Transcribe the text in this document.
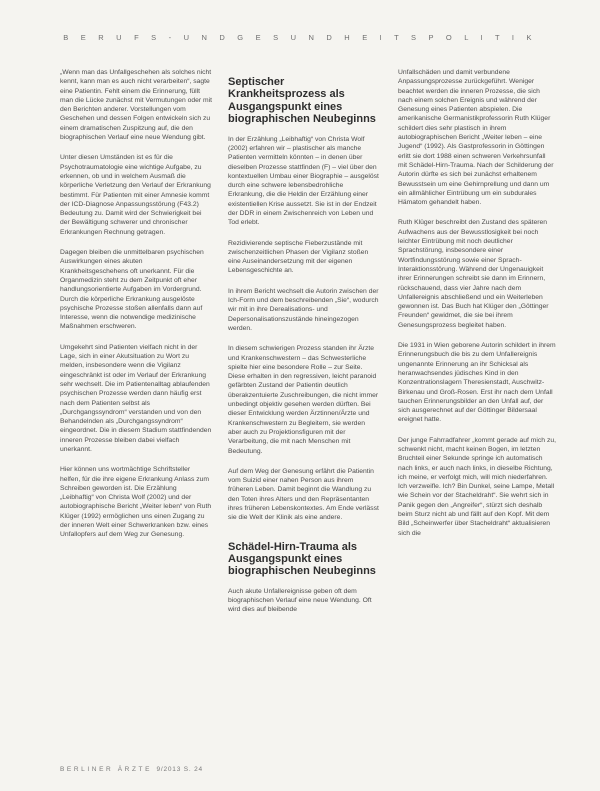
B E R U F S - U N D G E S U N D H E I T S P O L I T I K

„Wenn man das Unfallgeschehen als solches nicht kennt, kann man es auch nicht verarbeiten“, sagte eine Patientin. Fehlt einem die Erinnerung, füllt man die Lücke zunächst mit Vermutungen oder mit den Berichten anderer. Vorstellungen vom Geschehen und dessen Folgen entwickeln sich zu einem dramatischen Zuspitzung auf, die den biographischen Verlauf eine neue Wendung gibt.

Unter diesen Umständen ist es für die Psychotraumatologie eine wichtige Aufgabe, zu erkennen, ob und in welchem Ausmaß die körperliche Verletzung den Verlauf der Erkrankung bestimmt. Für Patienten mit einer Amnesie kommt der ICD-Diagnose Anpassungsstörung (F43.2) Bedeutung zu. Damit wird der Schwierigkeit bei der Bewältigung schwerer und chronischer Erkrankungen Rechnung getragen.

Dagegen bleiben die unmittelbaren psychischen Auswirkungen eines akuten Krankheitsgeschehens oft unerkannt. Für die Organmedizin steht zu dem Zeitpunkt oft eher handlungsorientierte Aufgaben im Vordergrund. Durch die körperliche Erkrankung ausgelöste psychische Prozesse stoßen allenfalls dann auf Interesse, wenn die notwendige medizinische Maßnahmen erschweren.

Umgekehrt sind Patienten vielfach nicht in der Lage, sich in einer Akutsituation zu Wort zu melden, insbesondere wenn die Vigilanz eingeschränkt ist oder im Verlauf der Erkrankung sehr wechselt. Die im Patientenalltag ablaufenden psychischen Prozesse werden dann häufig erst nach dem Patienten selbst als „Durchgangssyndrom“ verstanden und von den Behandelnden als „Durchgangssyndrom“ eingeordnet. Die in diesem Stadium stattfindenden inneren Prozesse bleiben dabei vielfach unerkannt.

Hier können uns wortmächtige Schriftsteller helfen, für die ihre eigene Erkrankung Anlass zum Schreiben geworden ist. Die Erzählung „Leibhaftig“ von Christa Wolf (2002) und der autobiographische Bericht „Weiter leben“ von Ruth Klüger (1992) ermöglichen uns einen Zugang zu der inneren Welt einer Schwerkranken bzw. eines Unfallopfers auf dem Weg zur Genesung.

Septischer Krankheitsprozess als Ausgangspunkt eines biographischen Neubeginns

In der Erzählung „Leibhaftig“ von Christa Wolf (2002) erfahren wir – plastischer als manche Patienten vermitteln könnten – in denen über dieselben Prozesse stattfinden (F) – viel über den kontextuellen Umbau einer Biographie – ausgelöst durch eine schwere lebensbedrohliche Erkrankung, die die Heldin der Erzählung einer existentiellen Krise aussetzt. Sie ist in der Endzeit der DDR in einem Zwischenreich von Leben und Tod erlebt.

Rezidivierende septische Fieberzustände mit zwischenzeitlichen Phasen der Vigilanz stoßen eine Auseinandersetzung mit der eigenen Lebensgeschichte an.

In ihrem Bericht wechselt die Autorin zwischen der Ich-Form und dem beschreibenden „Sie“, wodurch wir mit in ihre Derealisations- und Depersonalisationszustände hineingezogen werden.

In diesem schwierigen Prozess standen ihr Ärzte und Krankenschwestern – das Schwesterliche spielte hier eine besondere Rolle – zur Seite. Diese erhalten in den regressiven, leicht paranoid gefärbten Zustand der Patientin deutlich überakzentuierte Zuschreibungen, die nicht immer unbedingt objektiv gesehen werden dürften. Bei dieser Entwicklung werden Ärztinnen/Ärzte und Krankenschwestern zu Begleitern, sie werden aber auch zu Projektionsfiguren mit der Verarbeitung, die mit nach Menschen mit Bedeutung.

Auf dem Weg der Genesung erfährt die Patientin vom Suizid einer nahen Person aus ihrem früheren Leben. Damit beginnt die Wandlung zu den Toten ihres Alters und den Repräsentanten ihres früheren Lebenskontextes. Am Ende verlässt sie die Welt der Klinik als eine andere.

Schädel-Hirn-Trauma als Ausgangspunkt eines biographischen Neubeginns

Auch akute Unfallereignisse geben oft dem biographischen Verlauf eine neue Wendung. Oft wird dies auf bleibende

Unfallschäden und damit verbundene Anpassungsprozesse zurückgeführt. Weniger beachtet werden die inneren Prozesse, die sich nach einem solchen Ereignis und während der Genesung eines Patienten abspielen. Die amerikanische Germanistikprofessorin Ruth Klüger schildert dies sehr plastisch in ihrem autobiographischen Bericht „Weiter leben – eine Jugend“ (1992). Als Gastprofessorin in Göttingen erlitt sie dort 1988 einen schweren Verkehrsunfall mit Schädel-Hirn-Trauma. Nach der Schilderung der Autorin dürfte es sich bei zunächst erhaltenem Bewusstsein um eine Gehirnprellung und dann um ein allmählicher Eintrübung um ein subdurales Hämatom gehandelt haben.

Ruth Klüger beschreibt den Zustand des späteren Aufwachens aus der Bewusstlosigkeit bei noch leichter Eintrübung mit noch deutlicher Sprachstörung, insbesondere einer Wortfindungsstörung sowie einer Sprach-Interaktionsstörung. Während der Ungenauigkeit ihrer Erinnerungen schreibt sie dann im Erinnern, rückschauend, dass vier Jahre nach dem Unfallereignis abschließend und ein Weiterleben gewonnen ist. Das Buch hat Klüger den „Göttinger Freunden“ gewidmet, die sie bei ihrem Genesungsprozess begleitet haben.

Die 1931 in Wien geborene Autorin schildert in ihrem Erinnerungsbuch die bis zu dem Unfallereignis ungenannte Erinnerung an ihr Schicksal als heranwachsendes jüdisches Kind in den Konzentrationslagern Theresienstadt, Auschwitz-Birkenau und Groß-Rosen. Erst ihr nach dem Unfall tauchen Erinnerungsbilder an den Unfall auf, der sich ausgerechnet auf der Göttinger Bildersaal ereignet hatte.

Der junge Fahrradfahrer „kommt gerade auf mich zu, schwenkt nicht, macht keinen Bogen, im letzten Bruchteil einer Sekunde springe ich automatisch nach links, er auch nach links, in dieselbe Richtung, ich meine, er verfolgt mich, will mich niederfahren. Ich verzweifle. Ich? Bin Dunkel, seine Lampe, Metall wie Schein vor der Stacheldraht“. Sie wehrt sich in Panik gegen den „Angreifer“, stürzt sich deshalb beim Sturz nicht ab und fällt auf den Kopf. Mit dem Bild „Scheinwerfer über Stacheldraht“ aktualisieren sich die

BERLINER ÄRZTE 9/2013 S. 24
